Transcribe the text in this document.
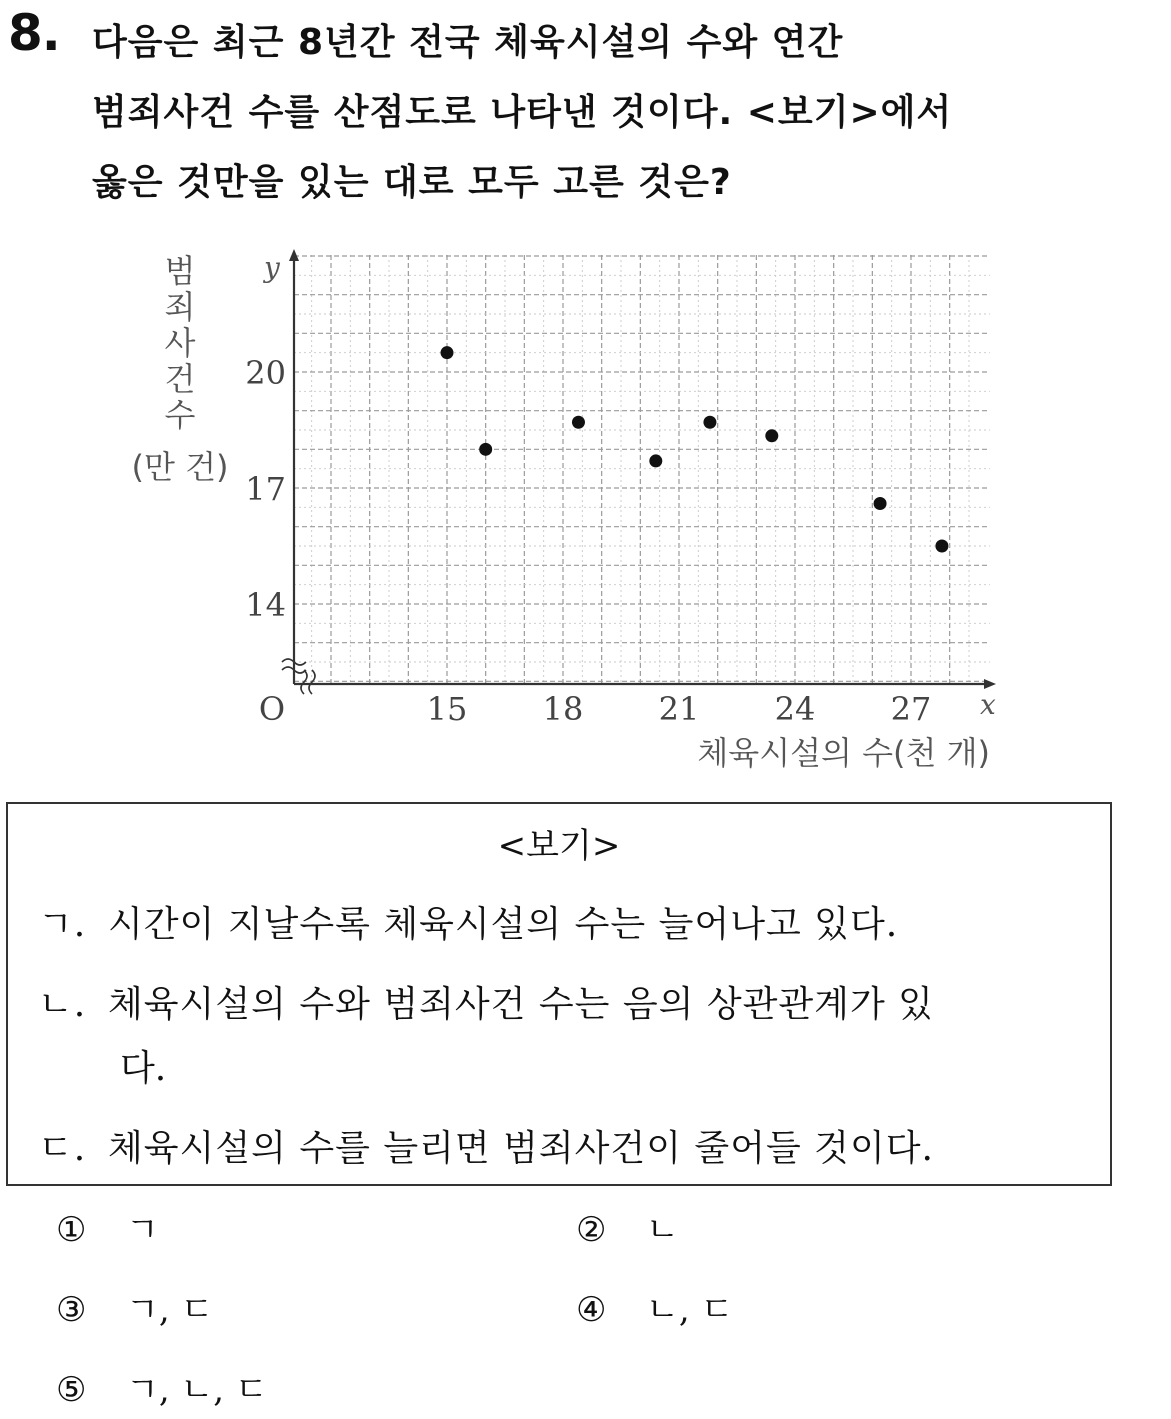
8. 다음은 최근 8년간 전국 체육시설의 수와 연간
범죄사건 수를 산점도로 나타낸 것이다. <보기>에서
옳은 것만을 있는 대로 모두 고른 것은?
15 18 21 24 27
14
17
20
O	x
y
체육시설의 수(천 개)
범
죄
사
건
수
(만 건)
<보기>
ㄱ. 시간이 지날수록 체육시설의 수는 늘어나고 있다.
ㄴ. 체육시설의 수와 범죄사건 수는 음의 상관관계가 있
다.
ㄷ. 체육시설의 수를 늘리면 범죄사건이 줄어들 것이다.
① ㄱ	② ㄴ
③ ㄱ, ㄷ	④ ㄴ, ㄷ
⑤ ㄱ, ㄴ, ㄷ
